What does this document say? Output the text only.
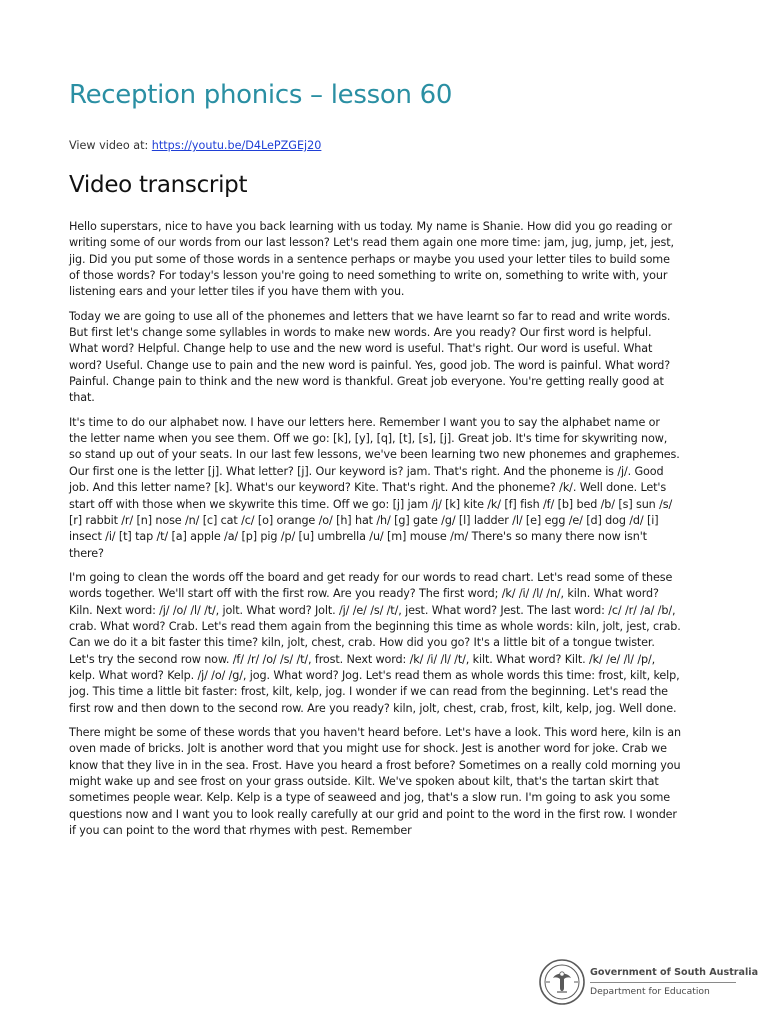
Reception phonics – lesson 60

View video at: https://youtu.be/D4LePZGEj20

Video transcript

Hello superstars, nice to have you back learning with us today. My name is Shanie. How did you go reading or writing some of our words from our last lesson? Let's read them again one more time: jam, jug, jump, jet, jest, jig. Did you put some of those words in a sentence perhaps or maybe you used your letter tiles to build some of those words? For today's lesson you're going to need something to write on, something to write with, your listening ears and your letter tiles if you have them with you.

Today we are going to use all of the phonemes and letters that we have learnt so far to read and write words. But first let's change some syllables in words to make new words. Are you ready? Our first word is helpful. What word? Helpful. Change help to use and the new word is useful. That's right. Our word is useful. What word? Useful. Change use to pain and the new word is painful. Yes, good job. The word is painful. What word? Painful. Change pain to think and the new word is thankful. Great job everyone. You're getting really good at that.

It's time to do our alphabet now. I have our letters here. Remember I want you to say the alphabet name or the letter name when you see them. Off we go: [k], [y], [q], [t], [s], [j]. Great job. It's time for skywriting now, so stand up out of your seats. In our last few lessons, we've been learning two new phonemes and graphemes. Our first one is the letter [j]. What letter? [j]. Our keyword is? jam. That's right. And the phoneme is /j/. Good job. And this letter name? [k]. What's our keyword? Kite. That's right. And the phoneme? /k/. Well done. Let's start off with those when we skywrite this time. Off we go: [j] jam /j/ [k] kite /k/ [f] fish /f/ [b] bed /b/ [s] sun /s/ [r] rabbit /r/ [n] nose /n/ [c] cat /c/ [o] orange /o/ [h] hat /h/ [g] gate /g/ [l] ladder /l/ [e] egg /e/ [d] dog /d/ [i] insect /i/ [t] tap /t/ [a] apple /a/ [p] pig /p/ [u] umbrella /u/ [m] mouse /m/ There's so many there now isn't there?

I'm going to clean the words off the board and get ready for our words to read chart. Let's read some of these words together. We'll start off with the first row. Are you ready? The first word; /k/ /i/ /l/ /n/, kiln. What word? Kiln. Next word: /j/ /o/ /l/ /t/, jolt. What word? Jolt. /j/ /e/ /s/ /t/, jest. What word? Jest. The last word: /c/ /r/ /a/ /b/, crab. What word? Crab. Let's read them again from the beginning this time as whole words: kiln, jolt, jest, crab. Can we do it a bit faster this time? kiln, jolt, chest, crab. How did you go? It's a little bit of a tongue twister. Let's try the second row now. /f/ /r/ /o/ /s/ /t/, frost. Next word: /k/ /i/ /l/ /t/, kilt. What word? Kilt. /k/ /e/ /l/ /p/, kelp. What word? Kelp. /j/ /o/ /g/, jog. What word? Jog. Let's read them as whole words this time: frost, kilt, kelp, jog. This time a little bit faster: frost, kilt, kelp, jog. I wonder if we can read from the beginning. Let's read the first row and then down to the second row. Are you ready? kiln, jolt, chest, crab, frost, kilt, kelp, jog. Well done.

There might be some of these words that you haven't heard before. Let's have a look. This word here, kiln is an oven made of bricks. Jolt is another word that you might use for shock. Jest is another word for joke. Crab we know that they live in in the sea. Frost. Have you heard a frost before? Sometimes on a really cold morning you might wake up and see frost on your grass outside. Kilt. We've spoken about kilt, that's the tartan skirt that sometimes people wear. Kelp. Kelp is a type of seaweed and jog, that's a slow run. I'm going to ask you some questions now and I want you to look really carefully at our grid and point to the word in the first row. I wonder if you can point to the word that rhymes with pest. Remember

Government of South Australia
Department for Education
